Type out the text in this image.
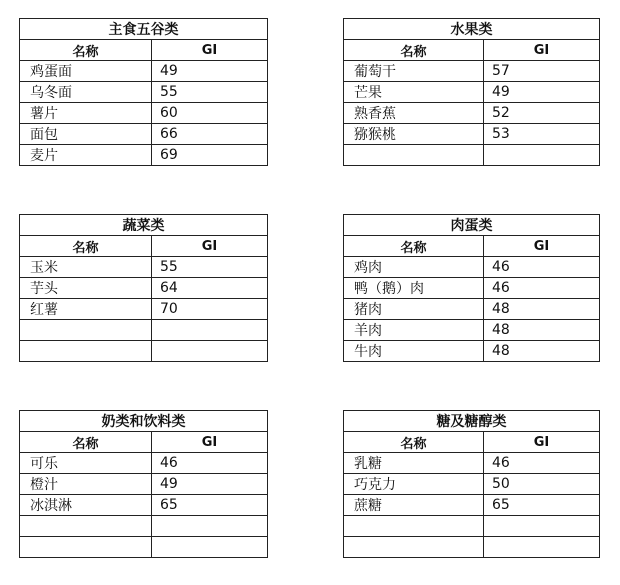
主食五谷类	
名称	GI
鸡蛋面	49
乌冬面	55
薯片	60
面包	66
麦片	69
水果类	
名称	GI
葡萄干	57
芒果	49
熟香蕉	52
猕猴桃	53

蔬菜类	
名称	GI
玉米	55
芋头	64
红薯	70

肉蛋类	
名称	GI
鸡肉	46
鸭（鹅）肉	46
猪肉	48
羊肉	48
牛肉	48
奶类和饮料类	
名称	GI
可乐	46
橙汁	49
冰淇淋	65

糖及糖醇类	
名称	GI
乳糖	46
巧克力	50
蔗糖	65
